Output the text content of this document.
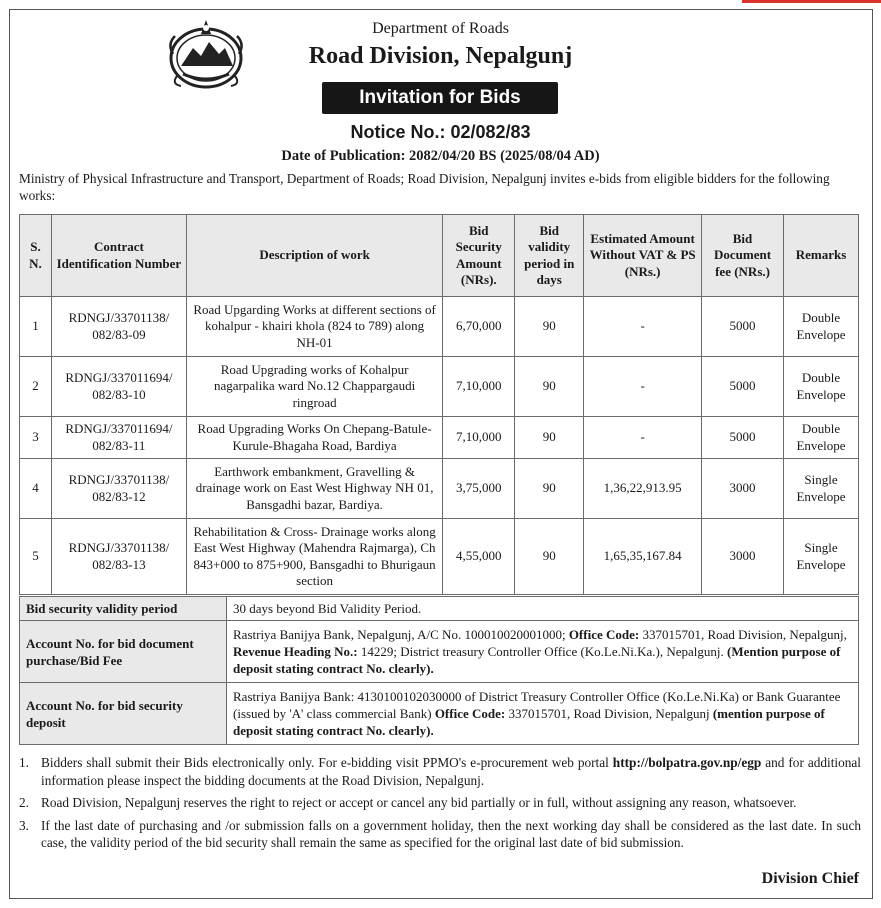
Department of Roads
Road Division, Nepalgunj
Invitation for Bids
Notice No.: 02/082/83
Date of Publication: 2082/04/20 BS (2025/08/04 AD)
Ministry of Physical Infrastructure and Transport, Department of Roads; Road Division, Nepalgunj invites e-bids from eligible bidders for the following works:
S. N.	Contract Identification Number	Description of work	Bid Security Amount (NRs).	Bid validity period in days	Estimated Amount Without VAT & PS (NRs.)	Bid Document fee (NRs.)	Remarks
1	RDNGJ/33701138/ 082/83-09	Road Upgarding Works at different sections of kohalpur - khairi khola (824 to 789) along NH-01	6,70,000	90	-	5000	Double Envelope
2	RDNGJ/337011694/ 082/83-10	Road Upgrading works of Kohalpur nagarpalika ward No.12 Chappargaudi ringroad	7,10,000	90	-	5000	Double Envelope
3	RDNGJ/337011694/ 082/83-11	Road Upgrading Works On Chepang-Batule-Kurule-Bhagaha Road, Bardiya	7,10,000	90	-	5000	Double Envelope
4	RDNGJ/33701138/ 082/83-12	Earthwork embankment, Gravelling & drainage work on East West Highway NH 01, Bansgadhi bazar, Bardiya.	3,75,000	90	1,36,22,913.95	3000	Single Envelope
5	RDNGJ/33701138/ 082/83-13	Rehabilitation & Cross- Drainage works along East West Highway (Mahendra Rajmarga), Ch 843+000 to 875+900, Bansgadhi to Bhurigaun section	4,55,000	90	1,65,35,167.84	3000	Single Envelope
Bid security validity period	30 days beyond Bid Validity Period.
Account No. for bid document purchase/Bid Fee	Rastriya Banijya Bank, Nepalgunj, A/C No. 100010020001000; Office Code: 337015701, Road Division, Nepalgunj, Revenue Heading No.: 14229; District treasury Controller Office (Ko.Le.Ni.Ka.), Nepalgunj. (Mention purpose of deposit stating contract No. clearly).
Account No. for bid security deposit	Rastriya Banijya Bank: 4130100102030000 of District Treasury Controller Office (Ko.Le.Ni.Ka) or Bank Guarantee (issued by 'A' class commercial Bank) Office Code: 337015701, Road Division, Nepalgunj (mention purpose of deposit stating contract No. clearly).
1. Bidders shall submit their Bids electronically only. For e-bidding visit PPMO's e-procurement web portal http://bolpatra.gov.np/egp and for additional information please inspect the bidding documents at the Road Division, Nepalgunj.
2. Road Division, Nepalgunj reserves the right to reject or accept or cancel any bid partially or in full, without assigning any reason, whatsoever.
3. If the last date of purchasing and /or submission falls on a government holiday, then the next working day shall be considered as the last date. In such case, the validity period of the bid security shall remain the same as specified for the original last date of bid submission.
Division Chief
